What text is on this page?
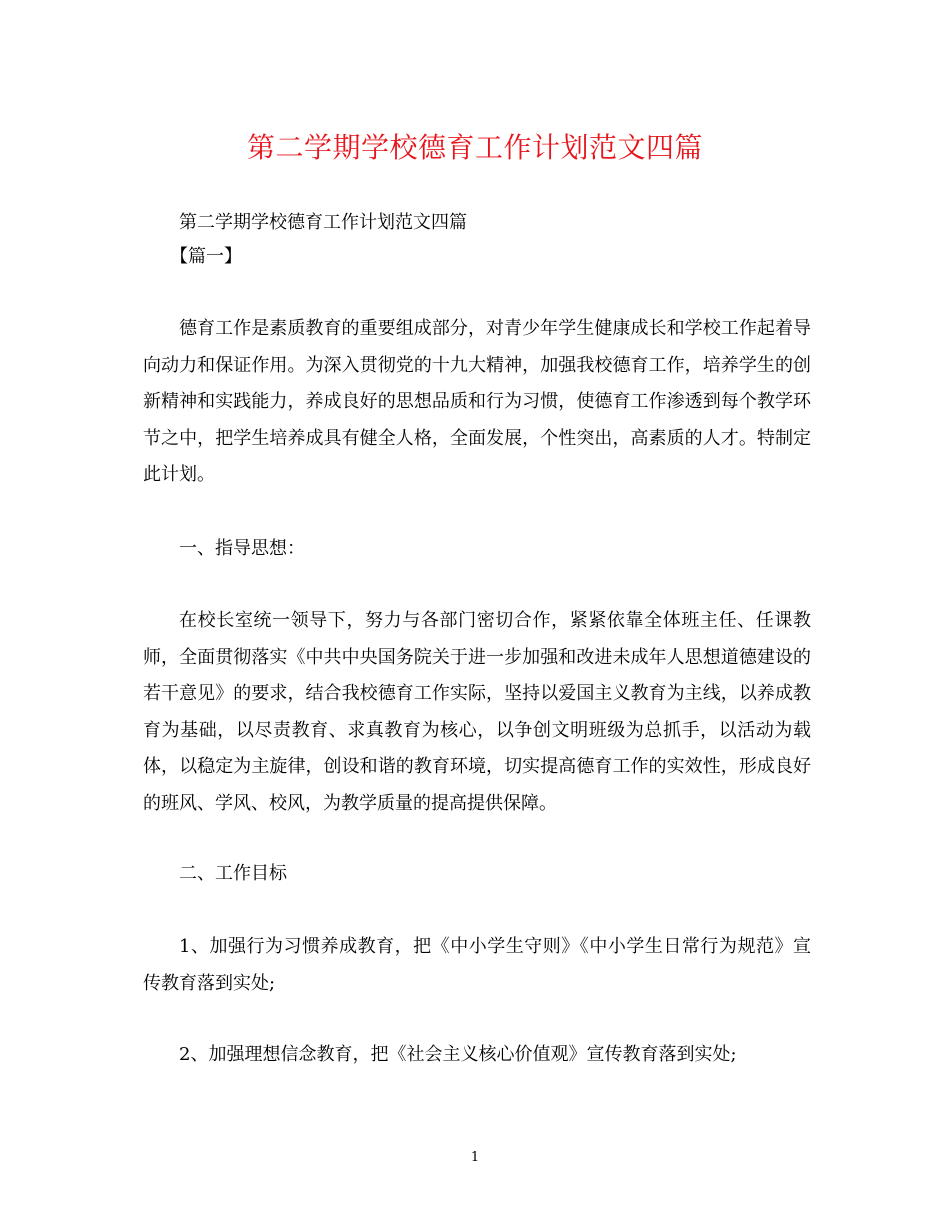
第二学期学校德育工作计划范文四篇
第二学期学校德育工作计划范文四篇
【篇一】
德育工作是素质教育的重要组成部分，对青少年学生健康成长和学校工作起着导向动力和保证作用。为深入贯彻党的十九大精神，加强我校德育工作，培养学生的创新精神和实践能力，养成良好的思想品质和行为习惯，使德育工作渗透到每个教学环节之中，把学生培养成具有健全人格，全面发展，个性突出，高素质的人才。特制定此计划。
一、指导思想：
在校长室统一领导下，努力与各部门密切合作，紧紧依靠全体班主任、任课教师，全面贯彻落实《中共中央国务院关于进一步加强和改进未成年人思想道德建设的若干意见》的要求，结合我校德育工作实际，坚持以爱国主义教育为主线，以养成教育为基础，以尽责教育、求真教育为核心，以争创文明班级为总抓手，以活动为载体，以稳定为主旋律，创设和谐的教育环境，切实提高德育工作的实效性，形成良好的班风、学风、校风，为教学质量的提高提供保障。
二、工作目标
1、加强行为习惯养成教育，把《中小学生守则》《中小学生日常行为规范》宣传教育落到实处;
2、加强理想信念教育，把《社会主义核心价值观》宣传教育落到实处;
1
